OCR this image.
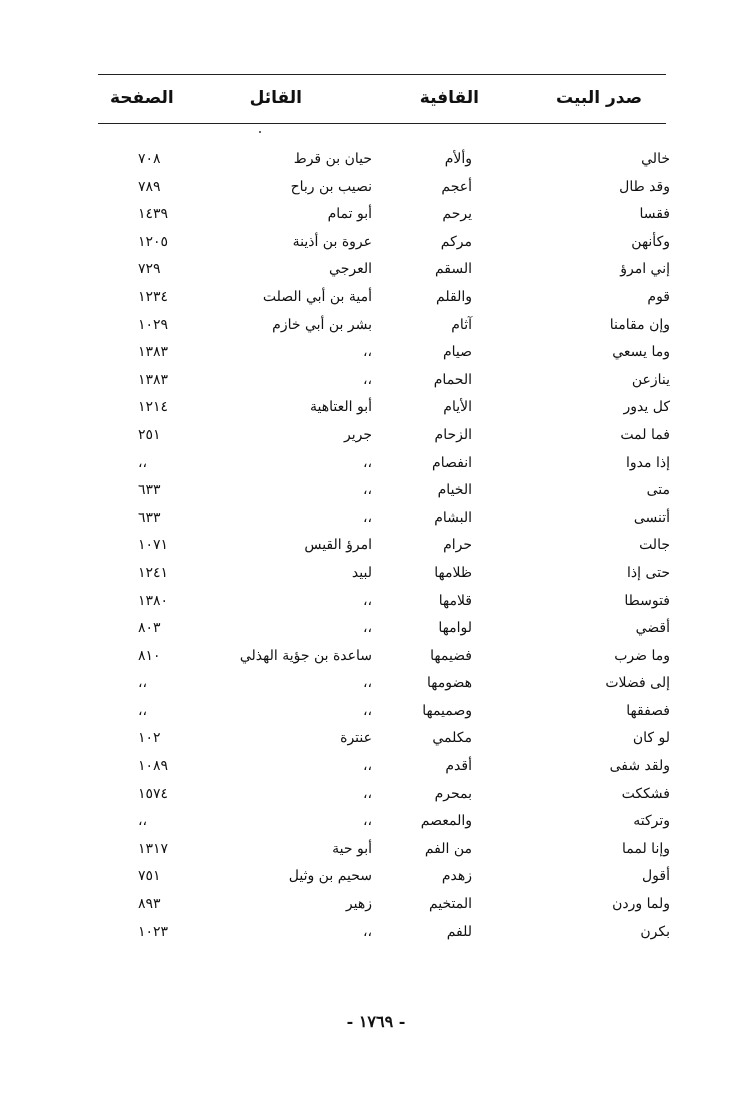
صدر البيت
القافية
القائل
الصفحة
خالي
وألأم
حيان بن قرط
٧٠٨
وقد طال
أعجم
نصيب بن رباح
٧٨٩
فقسا
يرحم
أبو تمام
١٤٣٩
وكأنهن
مركم
عروة بن أذينة
١٢٠٥
إني امرؤ
السقم
العرجي
٧٢٩
قوم
والقلم
أمية بن أبي الصلت
١٢٣٤
وإن مقامنا
آثام
بشر بن أبي خازم
١٠٢٩
وما يسعي
صيام
،،
١٣٨٣
ينازعن
الحمام
،،
١٣٨٣
كل يدور
الأيام
أبو العتاهية
١٢١٤
فما لمت
الزحام
جرير
٢٥١
إذا مدوا
انفصام
،،
،،
متى
الخيام
،،
٦٣٣
أتنسى
البشام
،،
٦٣٣
جالت
حرام
امرؤ القيس
١٠٧١
حتى إذا
ظلامها
لبيد
١٢٤١
فتوسطا
قلامها
،،
١٣٨٠
أقضي
لوامها
،،
٨٠٣
وما ضرب
فضيمها
ساعدة بن جؤية الهذلي
٨١٠
إلى فضلات
هضومها
،،
،،
فصفقها
وصميمها
،،
،،
لو كان
مكلمي
عنترة
١٠٢
ولقد شفى
أقدم
،،
١٠٨٩
فشككت
بمحرم
،،
١٥٧٤
وتركته
والمعصم
،،
،،
وإنا لمما
من الفم
أبو حية
١٣١٧
أقول
زهدم
سحيم بن وثيل
٧٥١
ولما وردن
المتخيم
زهير
٨٩٣
بكرن
للفم
،،
١٠٢٣
- ١٧٦٩ -
